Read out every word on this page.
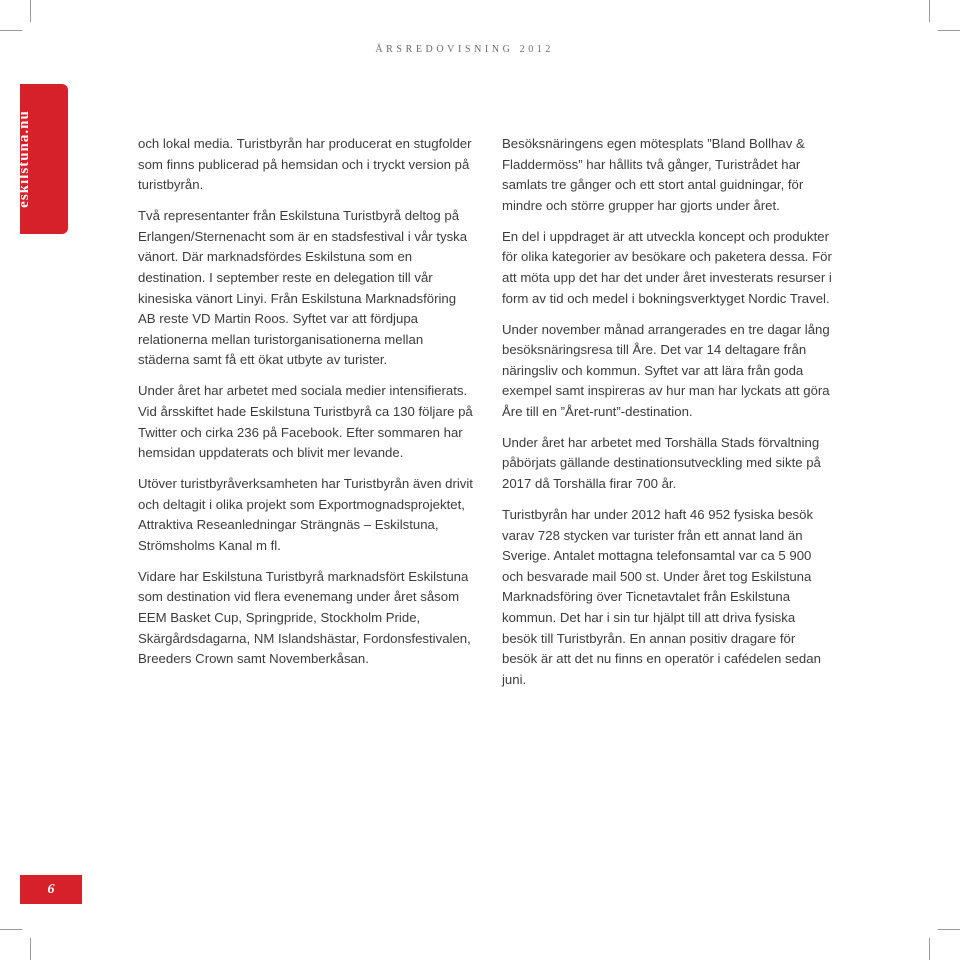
ÅRSREDOVISNING 2012
eskilstuna.nu	och lokal media. Turistbyrån har producerat en stugfolder som finns publicerad på hemsidan och i tryckt version på turistbyrån.

Två representanter från Eskilstuna Turistbyrå deltog på Erlangen/Sternenacht som är en stadsfestival i vår tyska vänort. Där marknadsfördes Eskilstuna som en destination. I september reste en delegation till vår kinesiska vänort Linyi. Från Eskilstuna Marknadsföring AB reste VD Martin Roos. Syftet var att fördjupa relationerna mellan turistorganisationerna mellan städerna samt få ett ökat utbyte av turister.

Under året har arbetet med sociala medier intensifierats. Vid årsskiftet hade Eskilstuna Turistbyrå ca 130 följare på Twitter och cirka 236 på Facebook. Efter sommaren har hemsidan uppdaterats och blivit mer levande.

Utöver turistbyråverksamheten har Turistbyrån även drivit och deltagit i olika projekt som Exportmognadsprojektet, Attraktiva Reseanledningar Strängnäs – Eskilstuna, Strömsholms Kanal m fl.

Vidare har Eskilstuna Turistbyrå marknadsfört Eskilstuna som destination vid flera evenemang under året såsom EEM Basket Cup, Springpride, Stockholm Pride, Skärgårdsdagarna, NM Islandshästar, Fordonsfestivalen, Breeders Crown samt Novemberkåsan.

Besöksnäringens egen mötesplats ”Bland Bollhav & Fladdermöss” har hållits två gånger, Turistrådet har samlats tre gånger och ett stort antal guidningar, för mindre och större grupper har gjorts under året.

En del i uppdraget är att utveckla koncept och produkter för olika kategorier av besökare och paketera dessa. För att möta upp det har det under året investerats resurser i form av tid och medel i bokningsverktyget Nordic Travel.

Under november månad arrangerades en tre dagar lång besöksnäringsresa till Åre. Det var 14 deltagare från näringsliv och kommun. Syftet var att lära från goda exempel samt inspireras av hur man har lyckats att göra Åre till en ”Året-runt”-destination.

Under året har arbetet med Torshälla Stads förvaltning påbörjats gällande destinationsutveckling med sikte på 2017 då Torshälla firar 700 år.

Turistbyrån har under 2012 haft 46 952 fysiska besök varav 728 stycken var turister från ett annat land än Sverige. Antalet mottagna telefonsamtal var ca 5 900 och besvarade mail 500 st. Under året tog Eskilstuna Marknadsföring över Ticnetavtalet från Eskilstuna kommun. Det har i sin tur hjälpt till att driva fysiska besök till Turistbyrån. En annan positiv dragare för besök är att det nu finns en operatör i cafédelen sedan juni.

6
